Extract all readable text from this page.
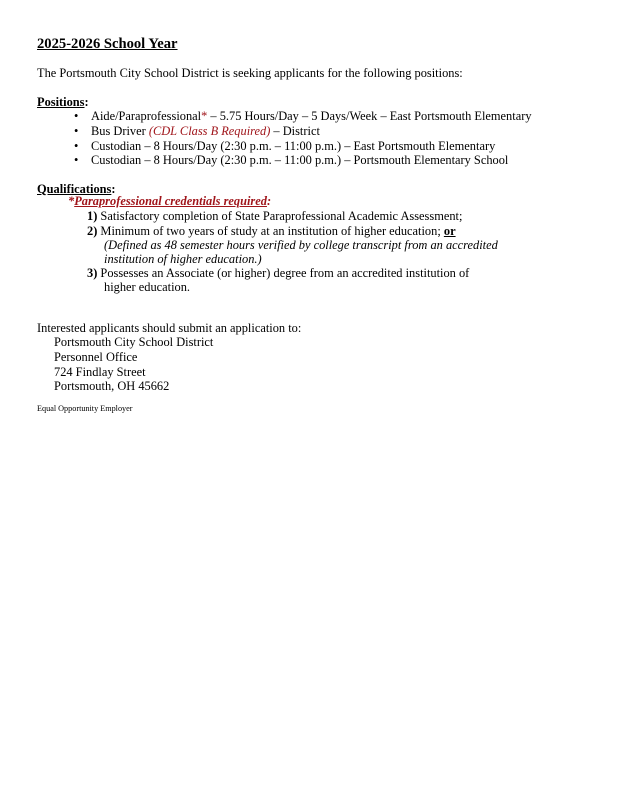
2025-2026 School Year

The Portsmouth City School District is seeking applicants for the following positions:

Positions:

• Aide/Paraprofessional* – 5.75 Hours/Day – 5 Days/Week – East Portsmouth Elementary
• Bus Driver (CDL Class B Required) – District
• Custodian – 8 Hours/Day (2:30 p.m. – 11:00 p.m.) – East Portsmouth Elementary
• Custodian – 8 Hours/Day (2:30 p.m. – 11:00 p.m.) – Portsmouth Elementary School

Qualifications:

*Paraprofessional credentials required:
1) Satisfactory completion of State Paraprofessional Academic Assessment;
2) Minimum of two years of study at an institution of higher education; or
(Defined as 48 semester hours verified by college transcript from an accredited
institution of higher education.)
3) Possesses an Associate (or higher) degree from an accredited institution of
higher education.

Interested applicants should submit an application to:

Portsmouth City School District
Personnel Office
724 Findlay Street
Portsmouth, OH 45662

Equal Opportunity Employer
